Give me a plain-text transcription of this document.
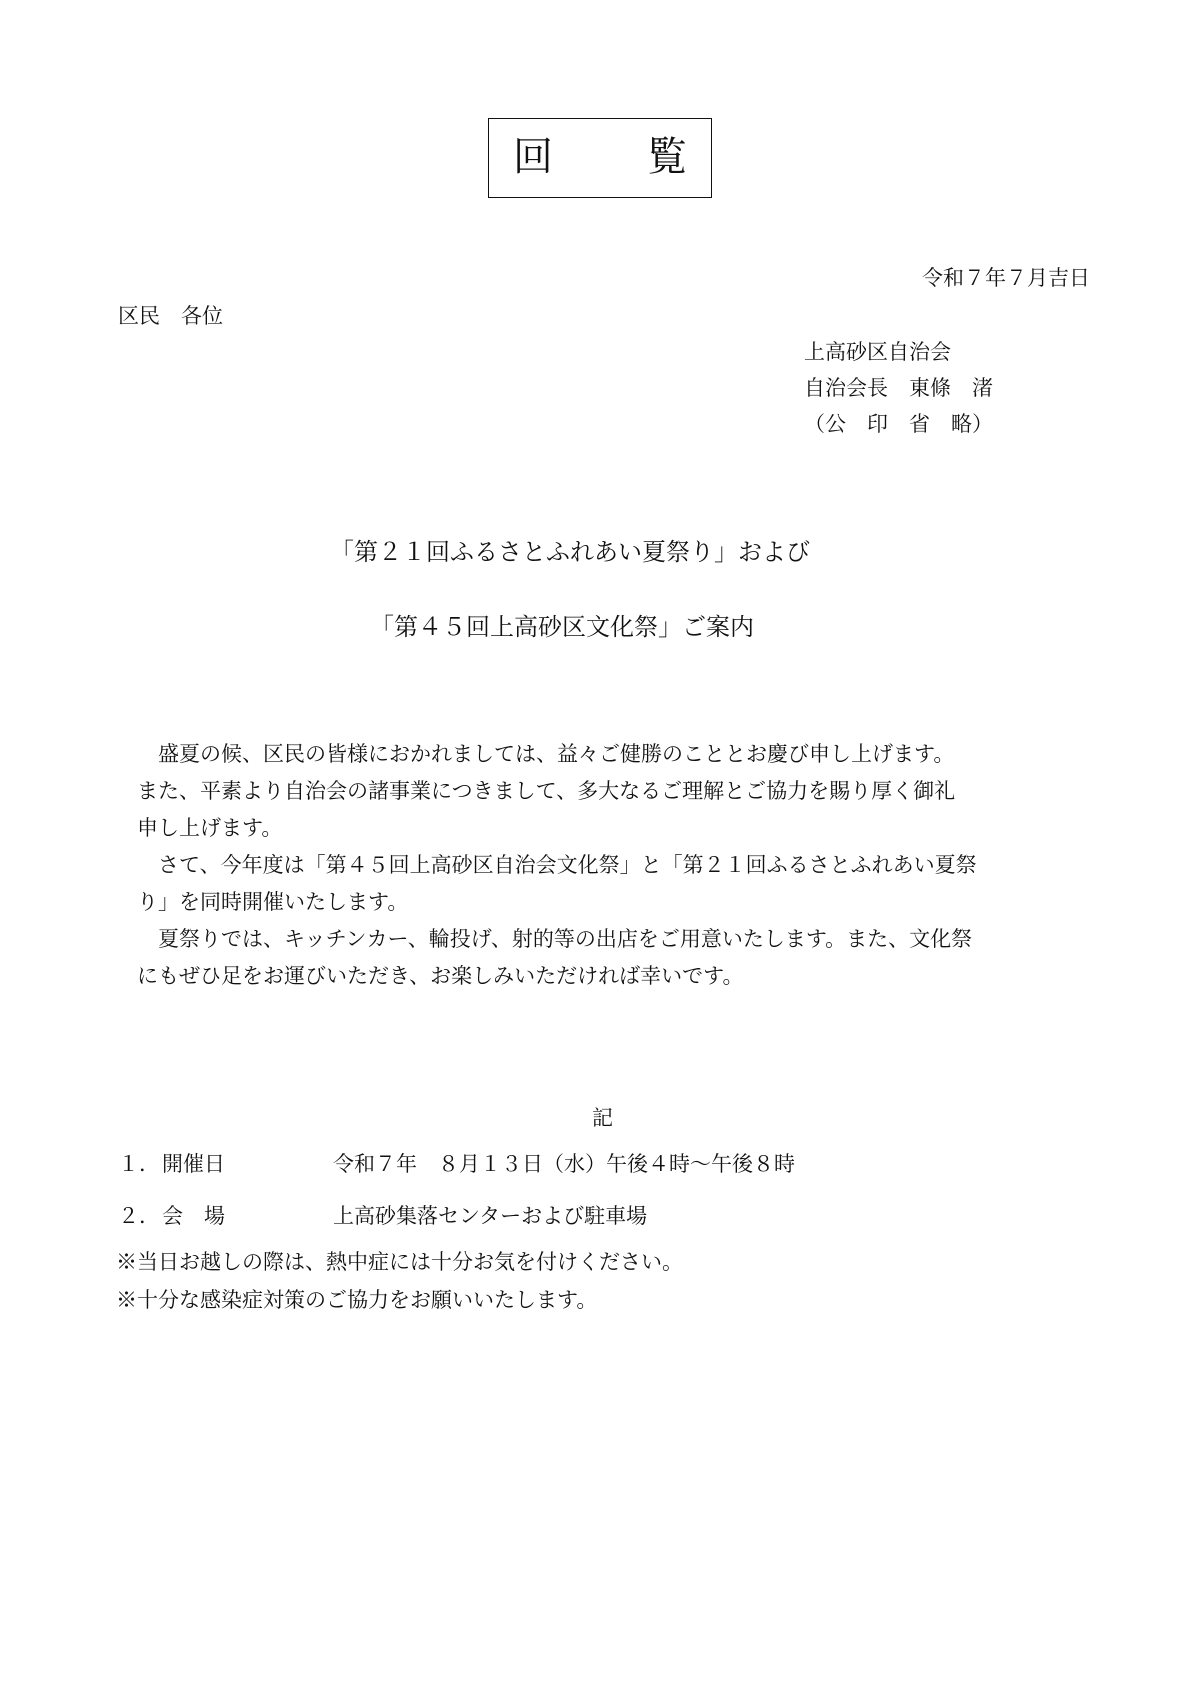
回 覧
令和７年７月吉日
区民　各位
上高砂区自治会
自治会長　東條　渚
（公　印　省　略）
「第２１回ふるさとふれあい夏祭り」および
「第４５回上高砂区文化祭」ご案内

　盛夏の候、区民の皆様におかれましては、益々ご健勝のこととお慶び申し上げます。

また、平素より自治会の諸事業につきまして、多大なるご理解とご協力を賜り厚く御礼

申し上げます。

　さて、今年度は「第４５回上高砂区自治会文化祭」と「第２１回ふるさとふれあい夏祭

り」を同時開催いたします。

　夏祭りでは、キッチンカー、輪投げ、射的等の出店をご用意いたします。また、文化祭

にもぜひ足をお運びいただき、お楽しみいただければ幸いです。

記
１． 開催日	令和７年　８月１３日（水）午後４時～午後８時
２． 会　場	上高砂集落センターおよび駐車場
※当日お越しの際は、熱中症には十分お気を付けください。
※十分な感染症対策のご協力をお願いいたします。
